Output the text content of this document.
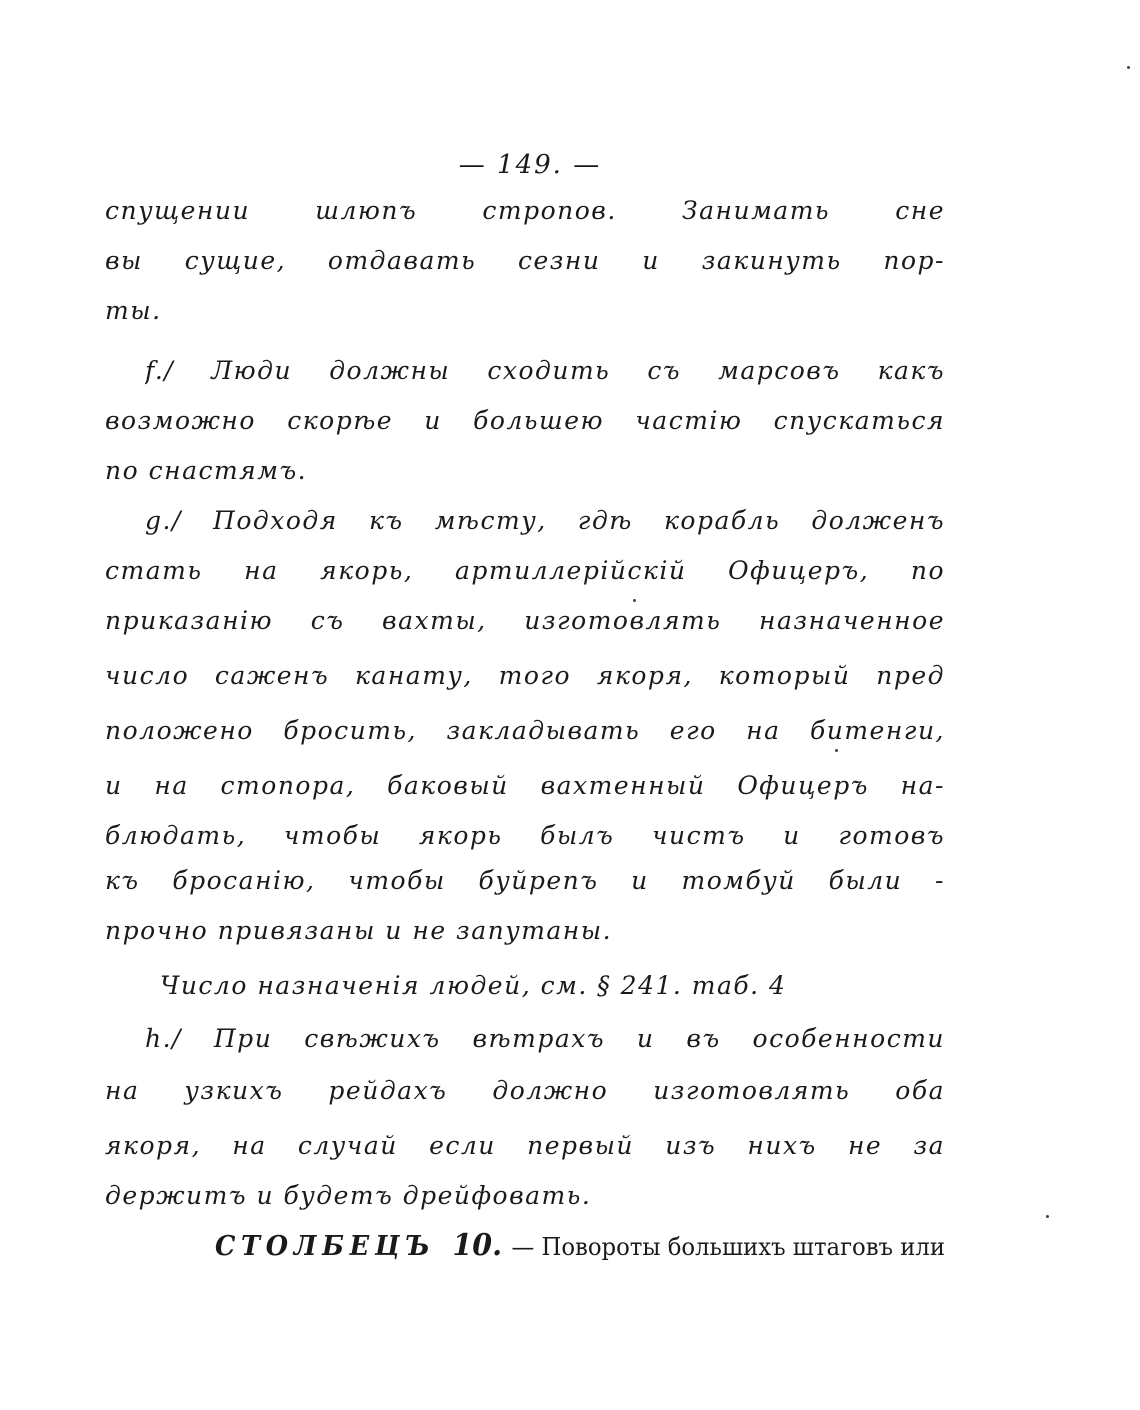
— 149. —
спущении шлюпъ стропов. Занимать сне
вы сущие, отдавать сезни и закинуть пор-
ты.
f./ Люди должны сходить съ марсовъ какъ
возможно скорѣе и большею частію спускаться
по снастямъ.
g./ Подходя къ мѣсту, гдѣ корабль долженъ
стать на якорь, артиллерійскій Офицеръ, по
приказанію съ вахты, изготовлять назначенное
число саженъ канату, того якоря, который пред
положено бросить, закладывать его на битенги,
и на стопора, баковый вахтенный Офицеръ на-
блюдать, чтобы якорь былъ чистъ и готовъ
къ бросанію, чтобы буйрепъ и томбуй были -
прочно привязаны и не запутаны.
Число назначенія людей, см. § 241. таб. 4
h./ При свѣжихъ вѣтрахъ и въ особенности
на узкихъ рейдахъ должно изготовлять оба
якоря, на случай если первый изъ нихъ не за
держитъ и будетъ дрейфовать.
СТОЛБЕЦЪ 10. — Повороты большихъ штаговъ или
